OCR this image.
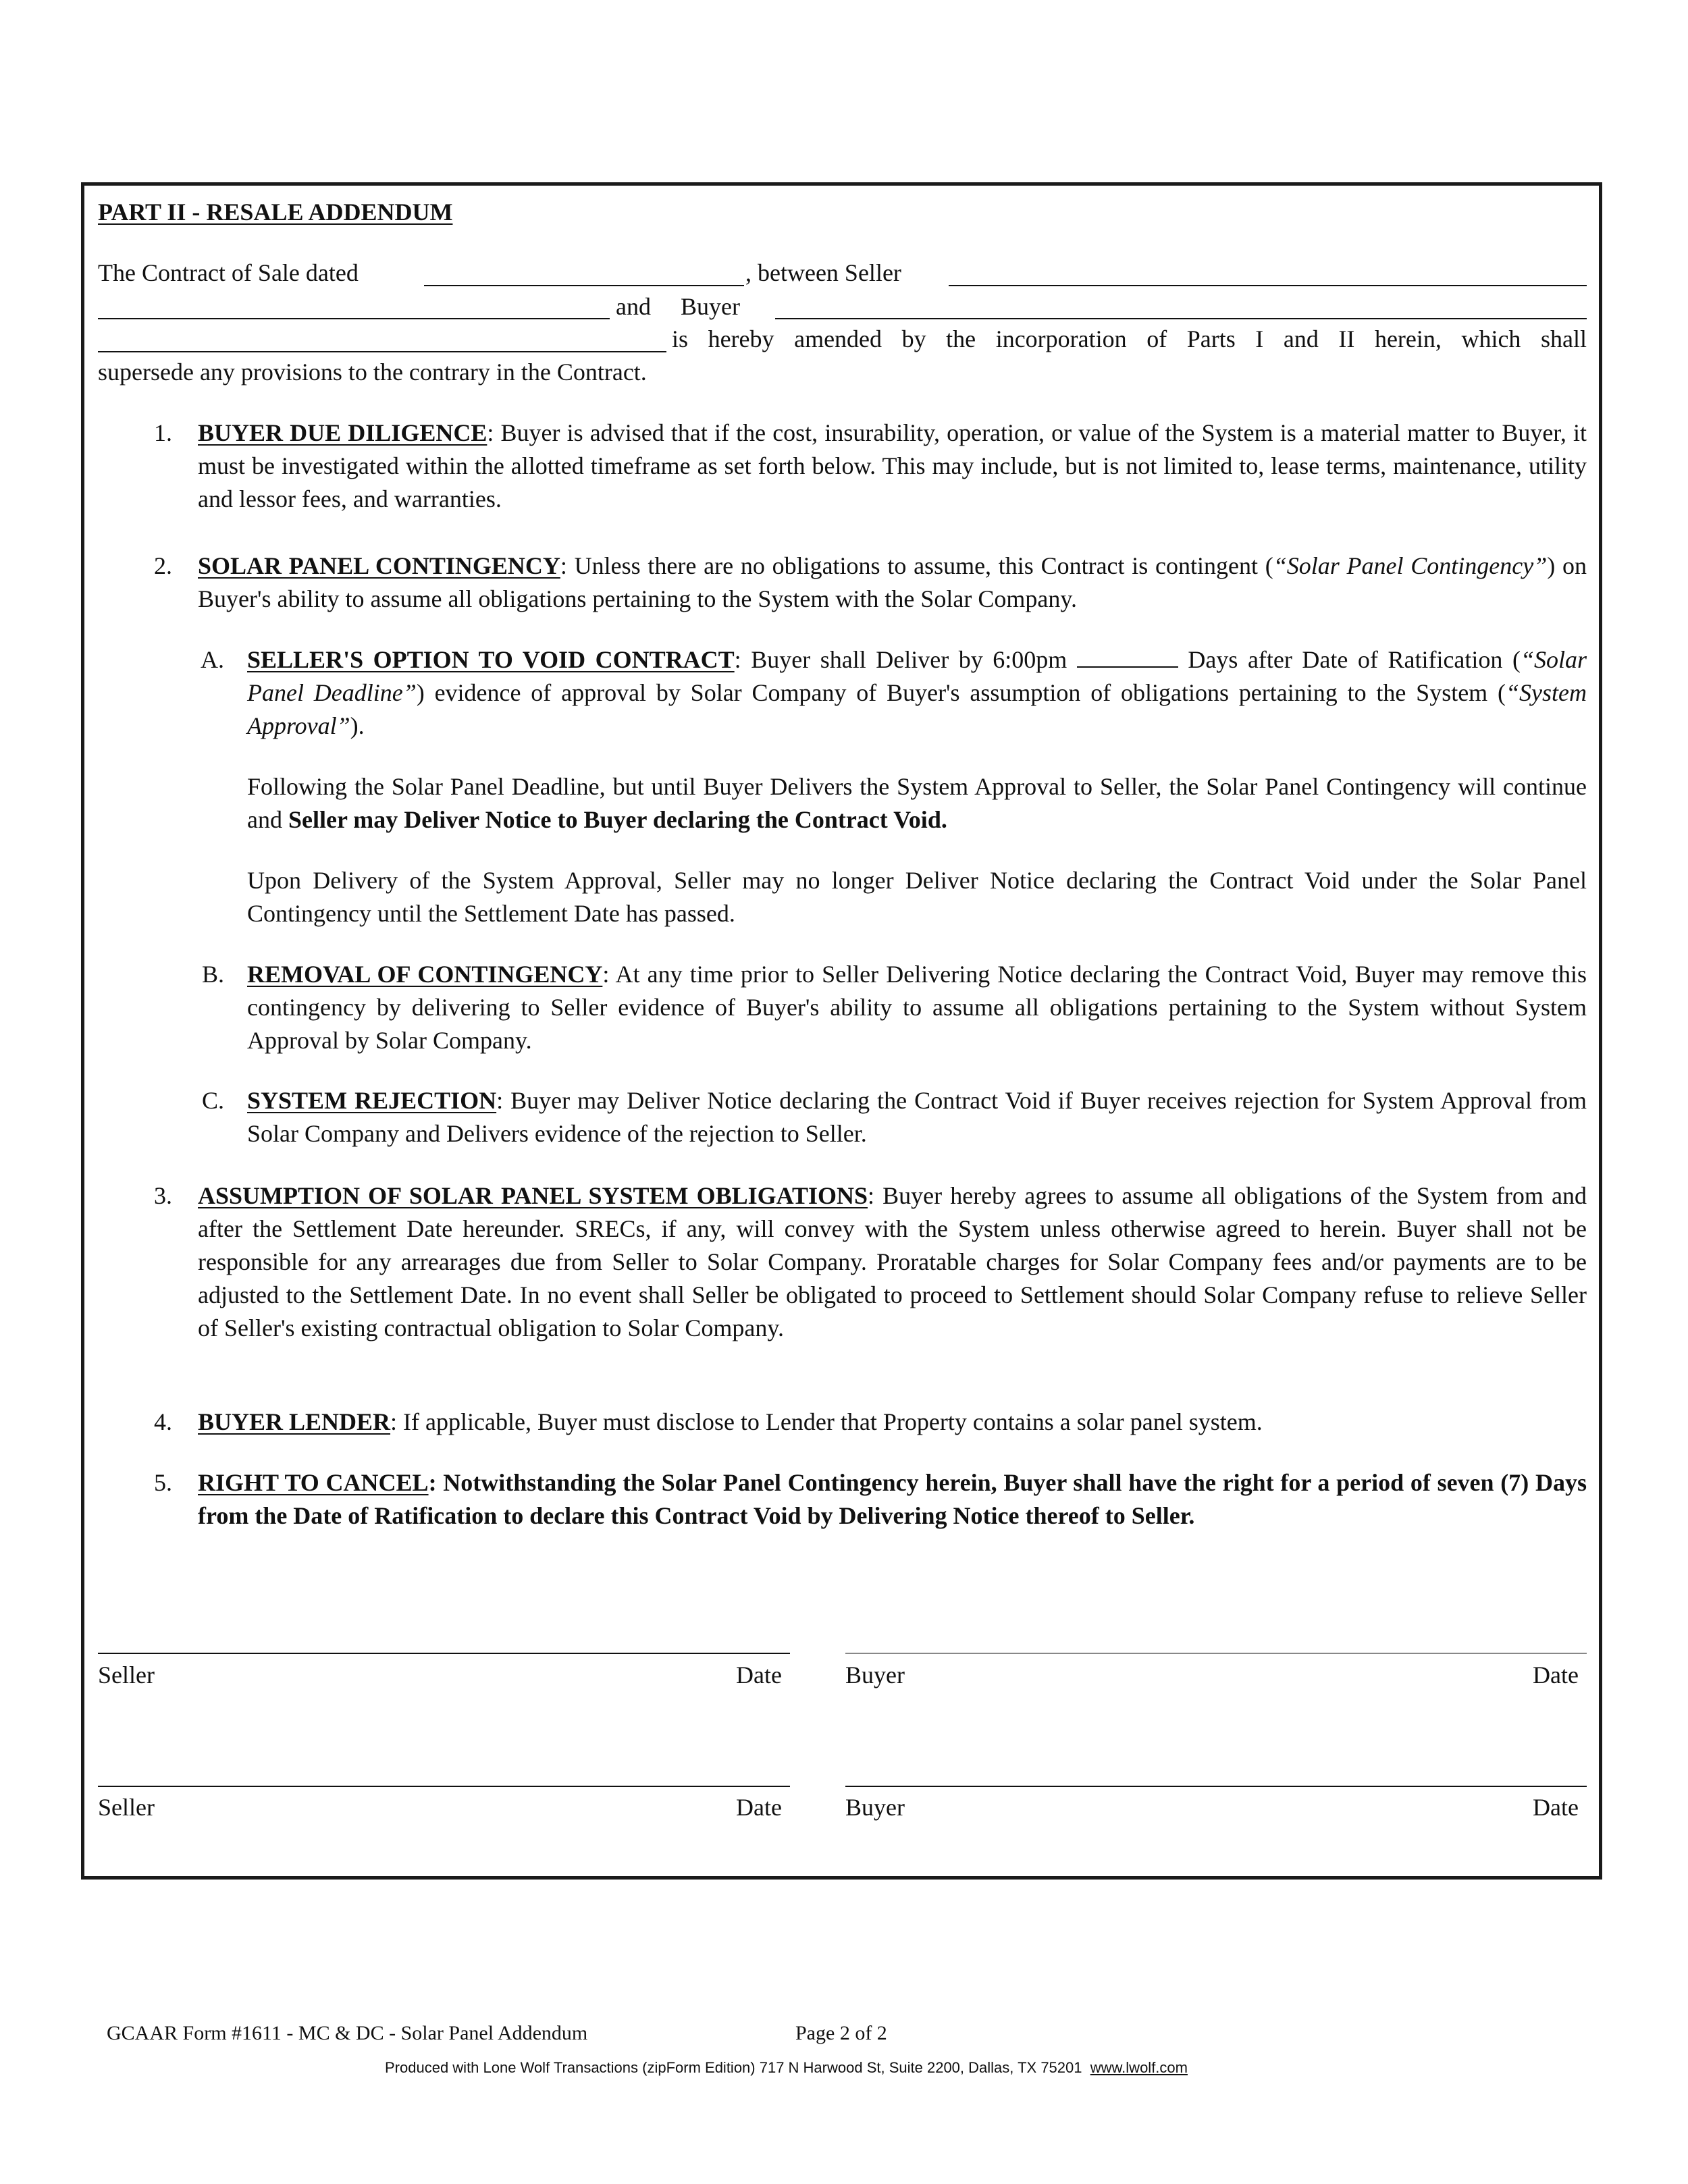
PART II - RESALE ADDENDUM
The Contract of Sale dated	, between Seller
and Buyer
is hereby amended by the incorporation of Parts I and II herein, which shall
supersede any provisions to the contrary in the Contract.
1. BUYER DUE DILIGENCE: Buyer is advised that if the cost, insurability, operation, or value of the System is a material matter to Buyer, it must be investigated within the allotted timeframe as set forth below. This may include, but is not limited to, lease terms, maintenance, utility and lessor fees, and warranties.
2. SOLAR PANEL CONTINGENCY: Unless there are no obligations to assume, this Contract is contingent (“Solar Panel Contingency”) on Buyer's ability to assume all obligations pertaining to the System with the Solar Company.
A. SELLER'S OPTION TO VOID CONTRACT: Buyer shall Deliver by 6:00pm	Days after Date of Ratification (“Solar Panel Deadline”) evidence of approval by Solar Company of Buyer's assumption of obligations pertaining to the System (“System Approval”).
Following the Solar Panel Deadline, but until Buyer Delivers the System Approval to Seller, the Solar Panel Contingency will continue and Seller may Deliver Notice to Buyer declaring the Contract Void.
Upon Delivery of the System Approval, Seller may no longer Deliver Notice declaring the Contract Void under the Solar Panel Contingency until the Settlement Date has passed.
B. REMOVAL OF CONTINGENCY: At any time prior to Seller Delivering Notice declaring the Contract Void, Buyer may remove this contingency by delivering to Seller evidence of Buyer's ability to assume all obligations pertaining to the System without System Approval by Solar Company.
C. SYSTEM REJECTION: Buyer may Deliver Notice declaring the Contract Void if Buyer receives rejection for System Approval from Solar Company and Delivers evidence of the rejection to Seller.
3. ASSUMPTION OF SOLAR PANEL SYSTEM OBLIGATIONS: Buyer hereby agrees to assume all obligations of the System from and after the Settlement Date hereunder. SRECs, if any, will convey with the System unless otherwise agreed to herein. Buyer shall not be responsible for any arrearages due from Seller to Solar Company. Proratable charges for Solar Company fees and/or payments are to be adjusted to the Settlement Date. In no event shall Seller be obligated to proceed to Settlement should Solar Company refuse to relieve Seller of Seller's existing contractual obligation to Solar Company.
4. BUYER LENDER: If applicable, Buyer must disclose to Lender that Property contains a solar panel system.
5. RIGHT TO CANCEL: Notwithstanding the Solar Panel Contingency herein, Buyer shall have the right for a period of seven (7) Days from the Date of Ratification to declare this Contract Void by Delivering Notice thereof to Seller.
Seller	Date	Buyer	Date
Seller	Date	Buyer	Date
GCAAR Form #1611 - MC & DC - Solar Panel Addendum	Page 2 of 2
Produced with Lone Wolf Transactions (zipForm Edition) 717 N Harwood St, Suite 2200, Dallas, TX 75201 www.lwolf.com
